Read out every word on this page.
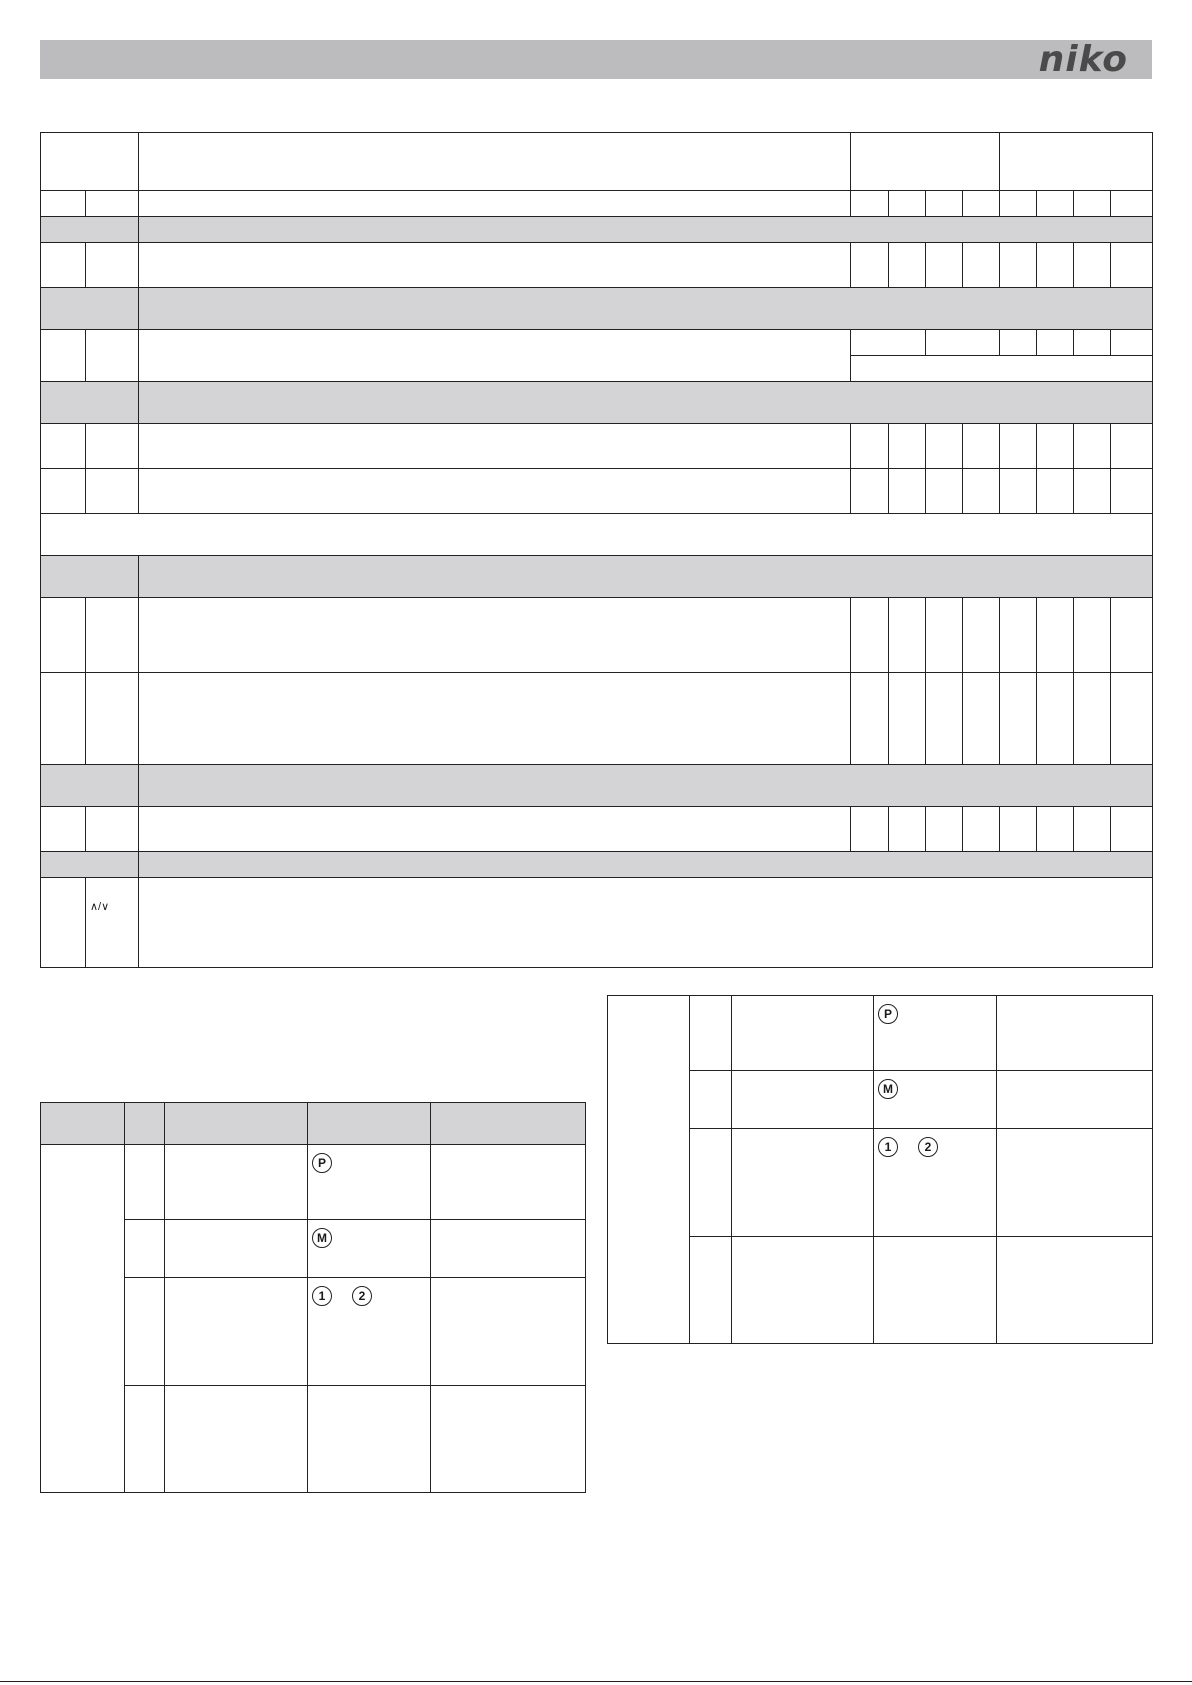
niko

	∧/∨									

			P	
			M	
			1 2	

			P	
			M	
			1 2	
